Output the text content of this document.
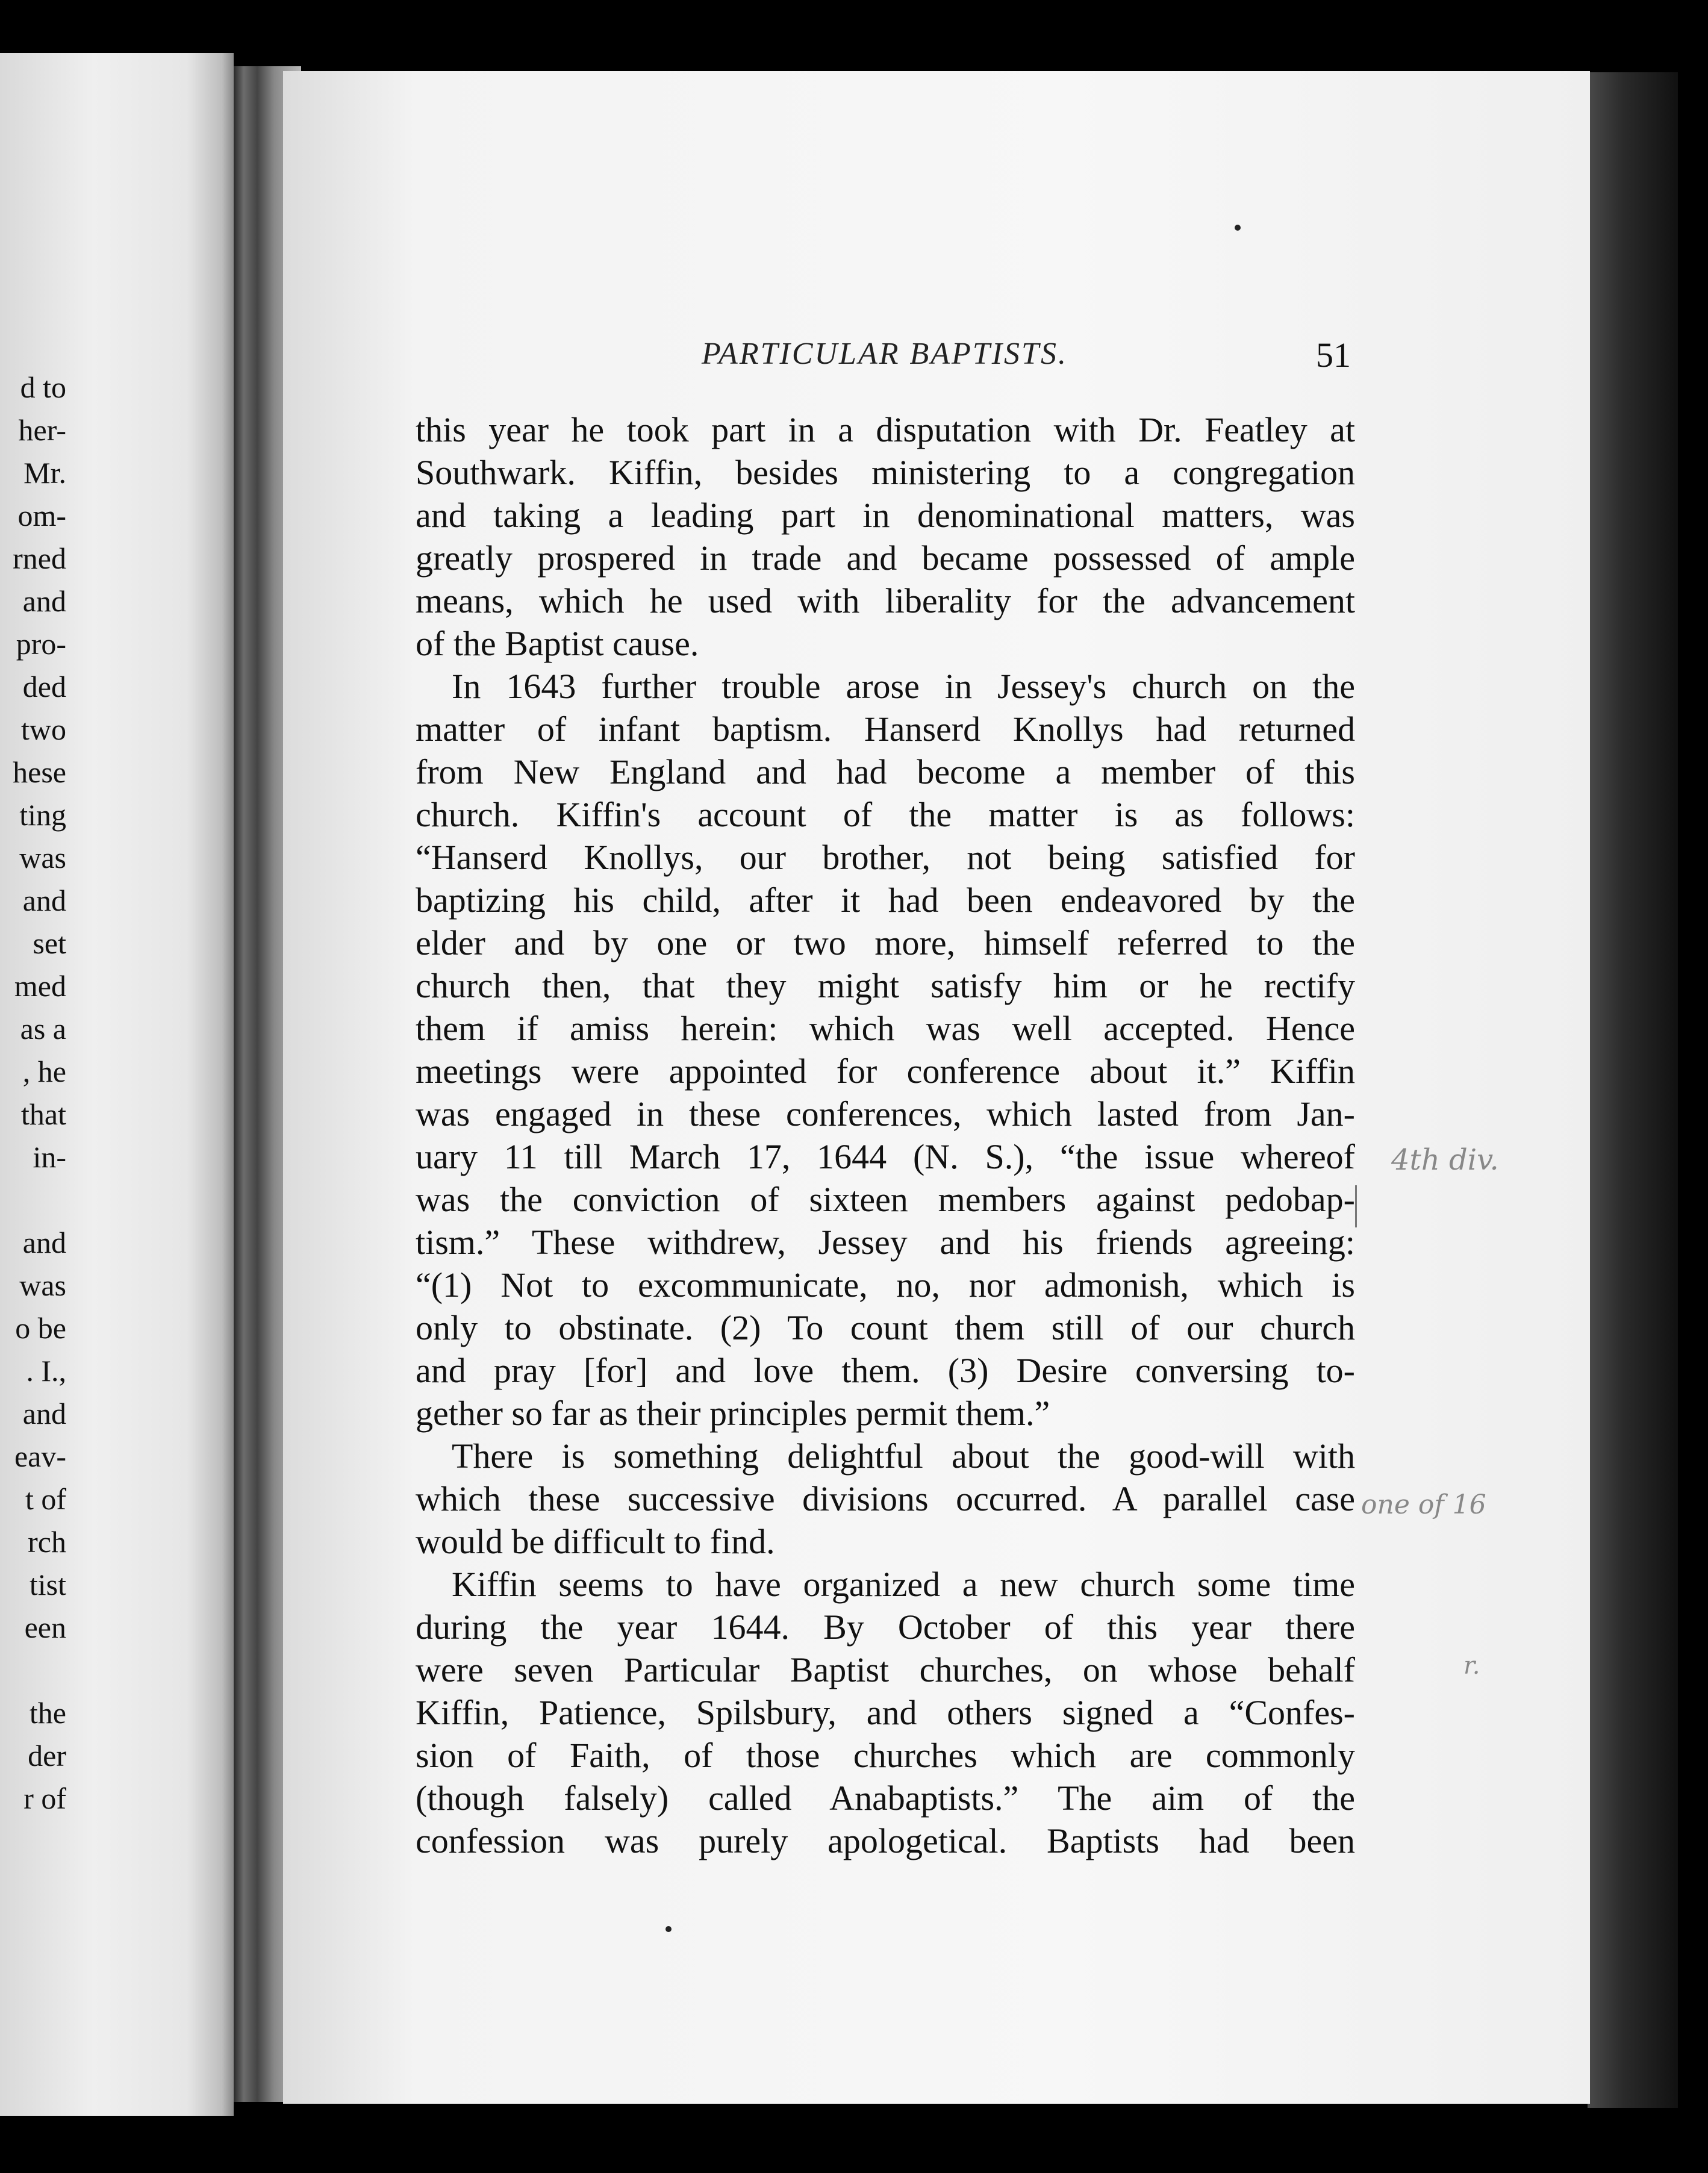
d to
her-
Mr.
om-
rned
and
pro-
ded
two
hese
ting
was
and
set
med
as a
, he
that
in-
and
was
o be
. I.,
and
eav-
t of
rch
tist
een
the
der
r of
PARTICULAR BAPTISTS.	51
this year he took part in a disputation with Dr. Featley at
Southwark. Kiffin, besides ministering to a congregation
and taking a leading part in denominational matters, was
greatly prospered in trade and became possessed of ample
means, which he used with liberality for the advancement
of the Baptist cause.
In 1643 further trouble arose in Jessey's church on the
matter of infant baptism. Hanserd Knollys had returned
from New England and had become a member of this
church. Kiffin's account of the matter is as follows:
“Hanserd Knollys, our brother, not being satisfied for
baptizing his child, after it had been endeavored by the
elder and by one or two more, himself referred to the
church then, that they might satisfy him or he rectify
them if amiss herein: which was well accepted. Hence
meetings were appointed for conference about it.” Kiffin
was engaged in these conferences, which lasted from Jan-
uary 11 till March 17, 1644 (N. S.), “the issue whereof
was the conviction of sixteen members against pedobap-
tism.” These withdrew, Jessey and his friends agreeing:
“(1) Not to excommunicate, no, nor admonish, which is
only to obstinate. (2) To count them still of our church
and pray [for] and love them. (3) Desire conversing to-
gether so far as their principles permit them.”
There is something delightful about the good-will with
which these successive divisions occurred. A parallel case
would be difficult to find.
Kiffin seems to have organized a new church some time
during the year 1644. By October of this year there
were seven Particular Baptist churches, on whose behalf
Kiffin, Patience, Spilsbury, and others signed a “Confes-
sion of Faith, of those churches which are commonly
(though falsely) called Anabaptists.” The aim of the
confession was purely apologetical. Baptists had been
4th div.
one of 16
r.
